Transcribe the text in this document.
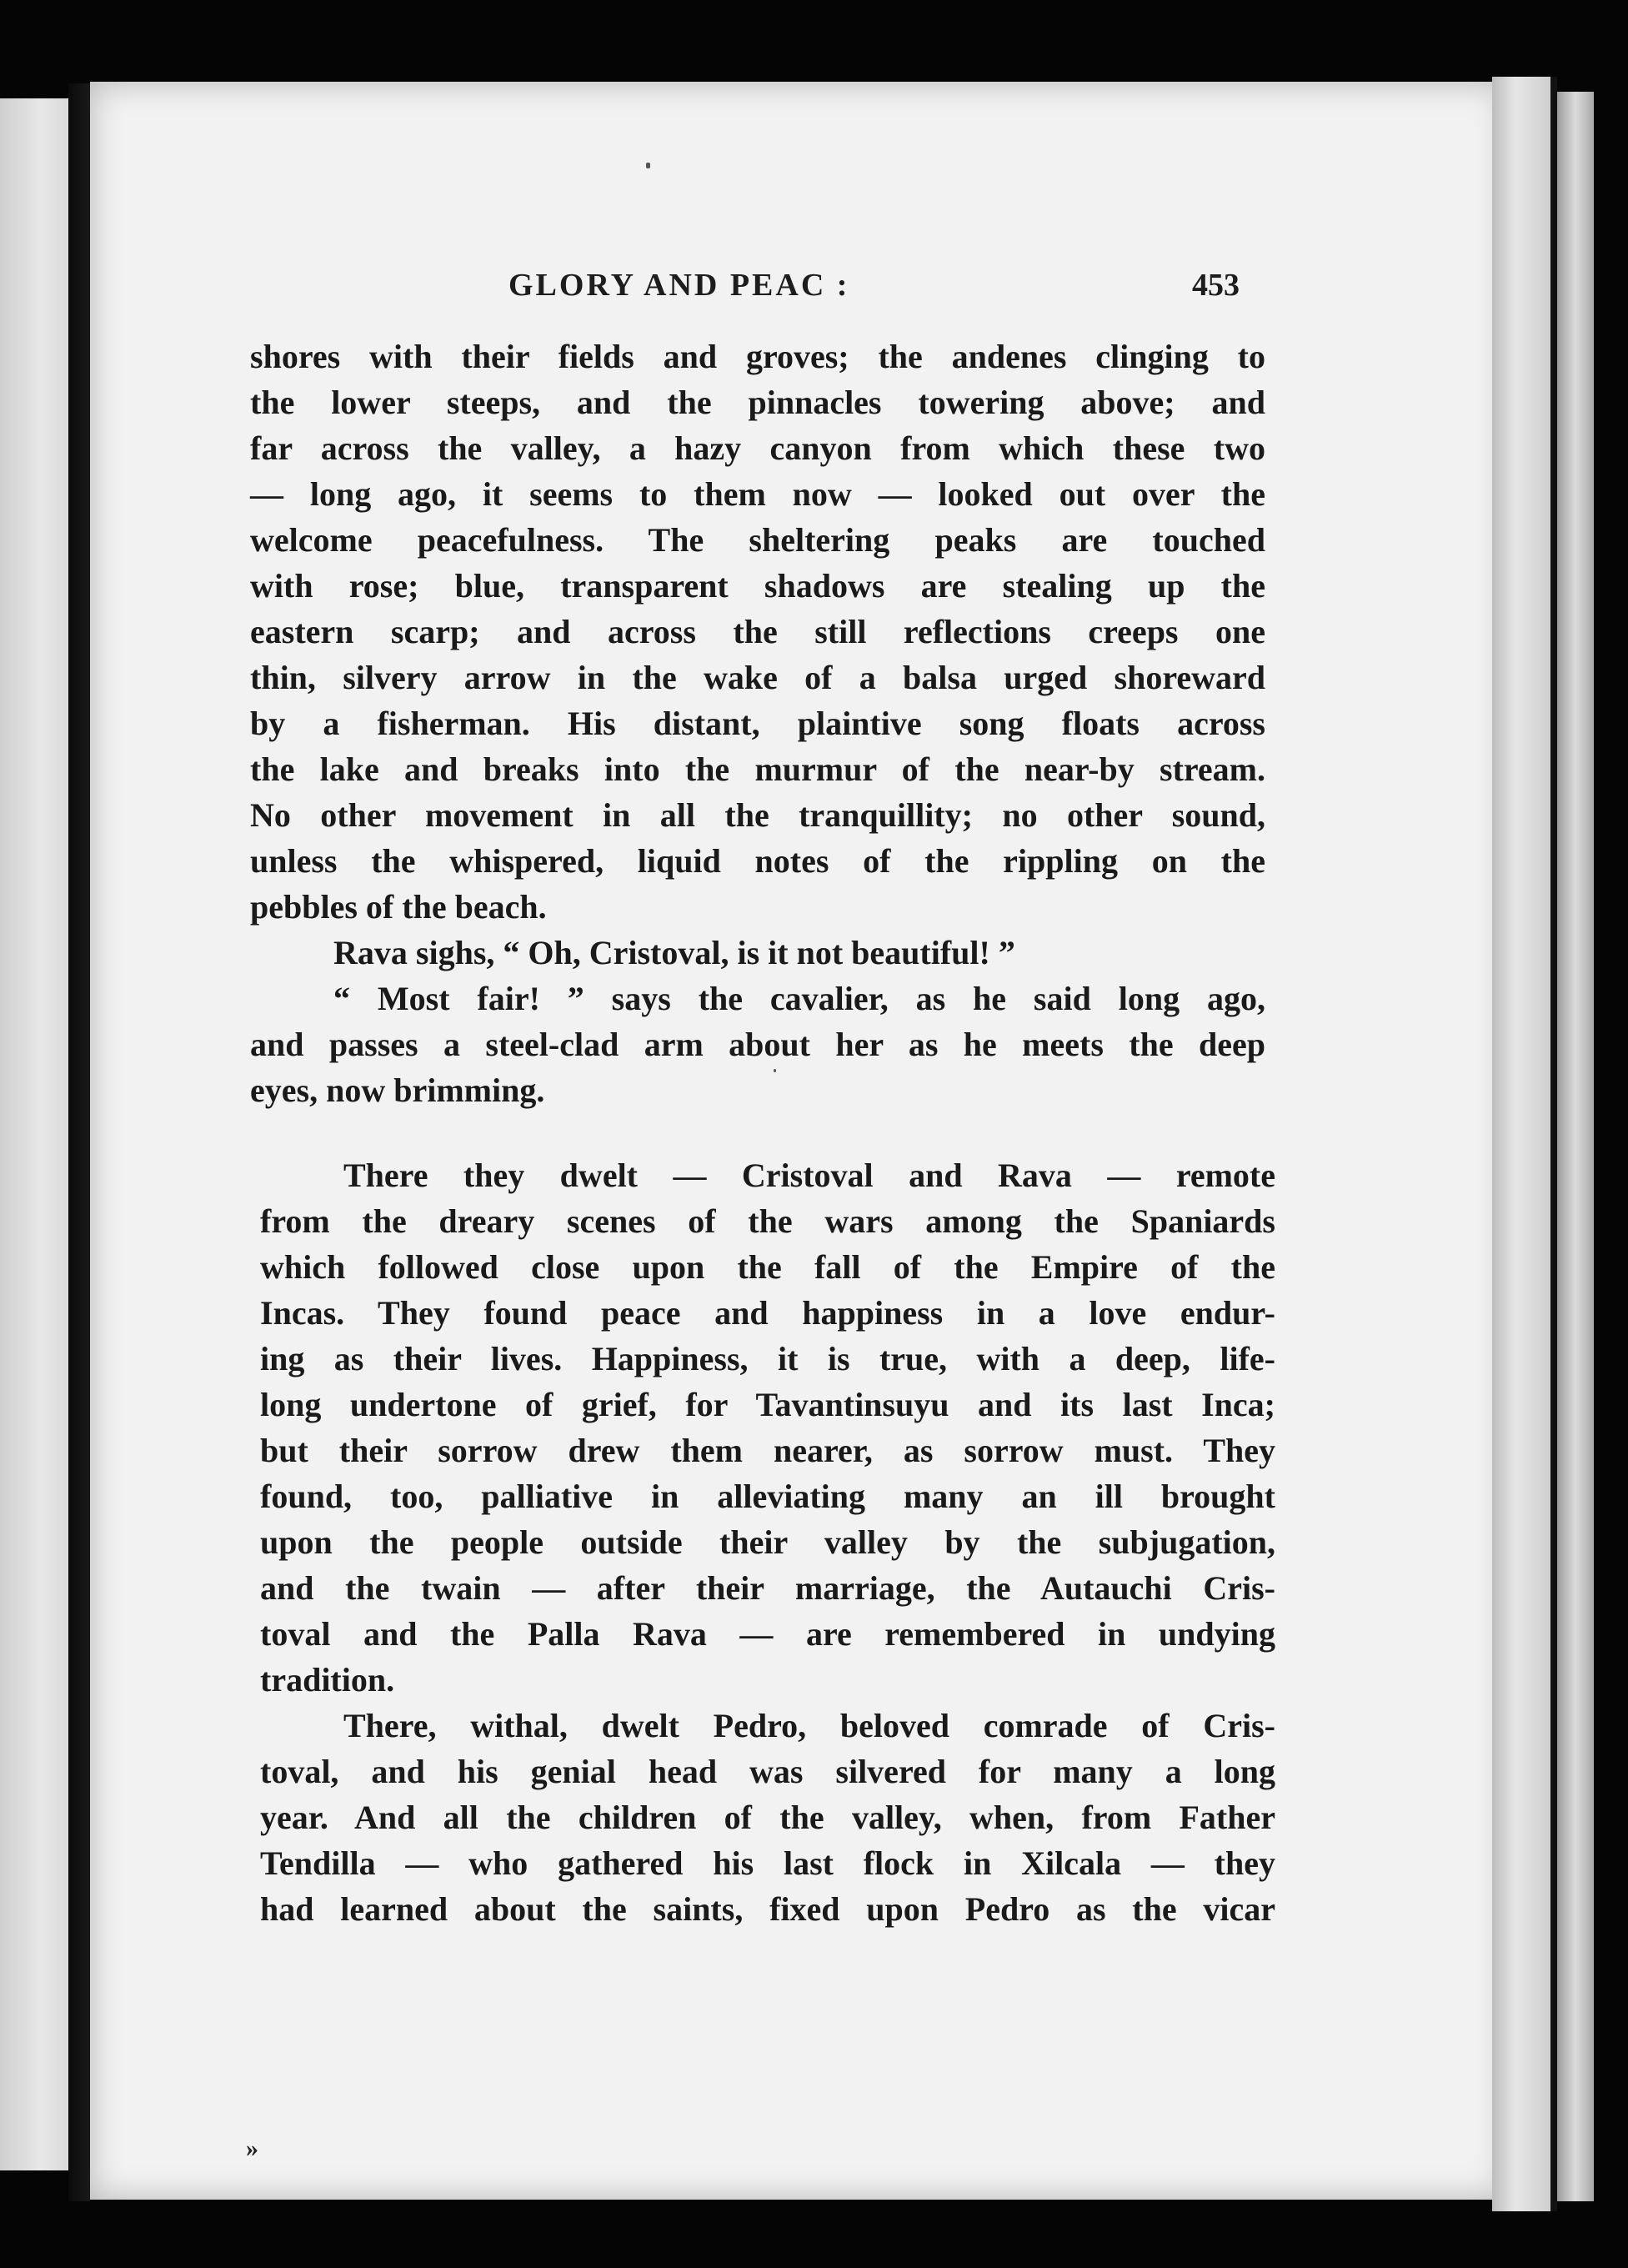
GLORY AND PEAC :	453
shores with their fields and groves; the andenes clinging to
the lower steeps, and the pinnacles towering above; and
far across the valley, a hazy canyon from which these two
— long ago, it seems to them now — looked out over the
welcome peacefulness. The sheltering peaks are touched
with rose; blue, transparent shadows are stealing up the
eastern scarp; and across the still reflections creeps one
thin, silvery arrow in the wake of a balsa urged shoreward
by a fisherman. His distant, plaintive song floats across
the lake and breaks into the murmur of the near-by stream.
No other movement in all the tranquillity; no other sound,
unless the whispered, liquid notes of the rippling on the
pebbles of the beach.
Rava sighs, “ Oh, Cristoval, is it not beautiful! ”
“ Most fair! ” says the cavalier, as he said long ago,
and passes a steel-clad arm about her as he meets the deep
eyes, now brimming.
There they dwelt — Cristoval and Rava — remote
from the dreary scenes of the wars among the Spaniards
which followed close upon the fall of the Empire of the
Incas. They found peace and happiness in a love endur-
ing as their lives. Happiness, it is true, with a deep, life-
long undertone of grief, for Tavantinsuyu and its last Inca;
but their sorrow drew them nearer, as sorrow must. They
found, too, palliative in alleviating many an ill brought
upon the people outside their valley by the subjugation,
and the twain — after their marriage, the Autauchi Cris-
toval and the Palla Rava — are remembered in undying
tradition.
There, withal, dwelt Pedro, beloved comrade of Cris-
toval, and his genial head was silvered for many a long
year. And all the children of the valley, when, from Father
Tendilla — who gathered his last flock in Xilcala — they
had learned about the saints, fixed upon Pedro as the vicar
»
